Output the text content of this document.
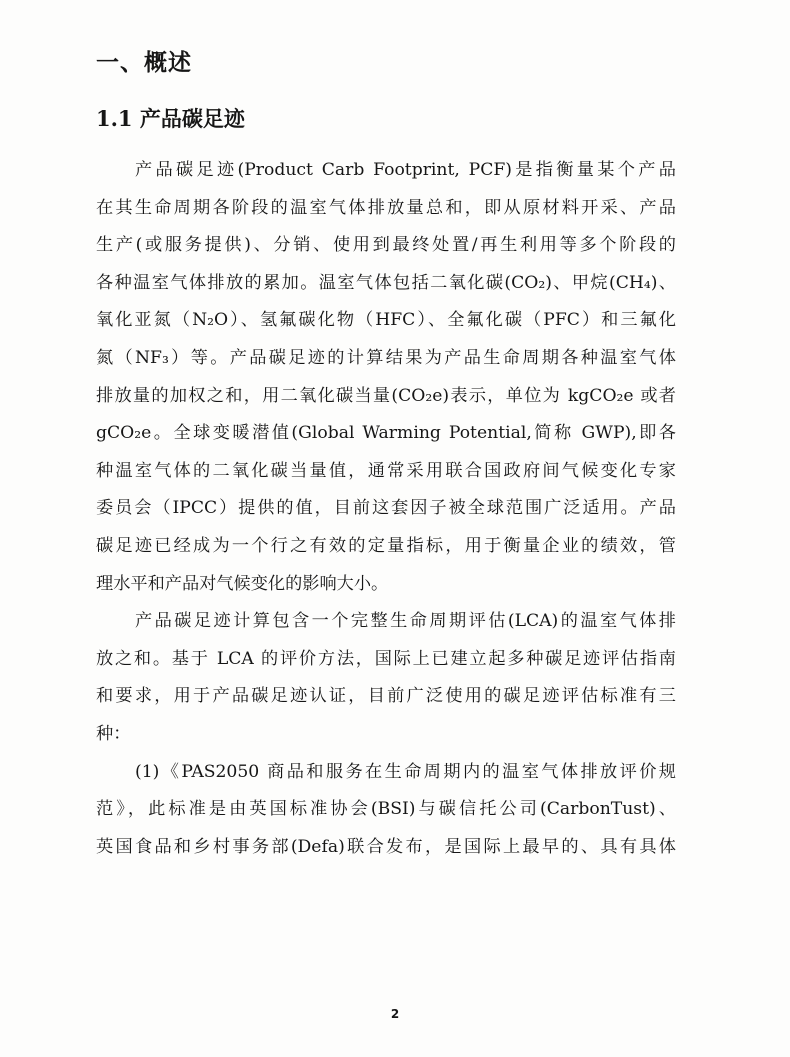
一、概述
1.1 产品碳足迹
产品碳足迹(Product Carb Footprint, PCF)是指衡量某个产品
在其生命周期各阶段的温室气体排放量总和，即从原材料开采、产品
生产(或服务提供)、分销、使用到最终处置/再生利用等多个阶段的
各种温室气体排放的累加。温室气体包括二氧化碳(CO₂)、甲烷(CH₄)、
氧化亚氮（N₂O）、氢氟碳化物（HFC）、全氟化碳（PFC）和三氟化
氮（NF₃）等。产品碳足迹的计算结果为产品生命周期各种温室气体
排放量的加权之和，用二氧化碳当量(CO₂e)表示，单位为 kgCO₂e 或者
gCO₂e。全球变暖潜值(Global Warming Potential,简称 GWP),即各
种温室气体的二氧化碳当量值，通常采用联合国政府间气候变化专家
委员会（IPCC）提供的值，目前这套因子被全球范围广泛适用。产品
碳足迹已经成为一个行之有效的定量指标，用于衡量企业的绩效，管
理水平和产品对气候变化的影响大小。
产品碳足迹计算包含一个完整生命周期评估(LCA)的温室气体排
放之和。基于 LCA 的评价方法，国际上已建立起多种碳足迹评估指南
和要求，用于产品碳足迹认证，目前广泛使用的碳足迹评估标准有三
种：
(1)《PAS2050 商品和服务在生命周期内的温室气体排放评价规
范》，此标准是由英国标准协会(BSI)与碳信托公司(CarbonTust)、
英国食品和乡村事务部(Defa)联合发布，是国际上最早的、具有具体
2
